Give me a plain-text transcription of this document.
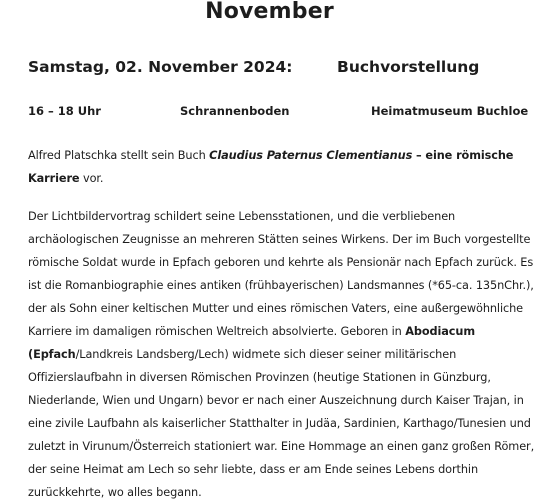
November
Samstag, 02. November 2024:	Buchvorstellung
16 – 18 Uhr	Schrannenboden	Heimatmuseum Buchloe
Alfred Platschka stellt sein Buch Claudius Paternus Clementianus – eine römische
Karriere vor.
Der Lichtbildervortrag schildert seine Lebensstationen, und die verbliebenen
archäologischen Zeugnisse an mehreren Stätten seines Wirkens. Der im Buch vorgestellte
römische Soldat wurde in Epfach geboren und kehrte als Pensionär nach Epfach zurück. Es
ist die Romanbiographie eines antiken (frühbayerischen) Landsmannes (*65-ca. 135nChr.),
der als Sohn einer keltischen Mutter und eines römischen Vaters, eine außergewöhnliche
Karriere im damaligen römischen Weltreich absolvierte. Geboren in Abodiacum
(Epfach/Landkreis Landsberg/Lech) widmete sich dieser seiner militärischen
Offizierslaufbahn in diversen Römischen Provinzen (heutige Stationen in Günzburg,
Niederlande, Wien und Ungarn) bevor er nach einer Auszeichnung durch Kaiser Trajan, in
eine zivile Laufbahn als kaiserlicher Statthalter in Judäa, Sardinien, Karthago/Tunesien und
zuletzt in Virunum/Österreich stationiert war. Eine Hommage an einen ganz großen Römer,
der seine Heimat am Lech so sehr liebte, dass er am Ende seines Lebens dorthin
zurückkehrte, wo alles begann.
